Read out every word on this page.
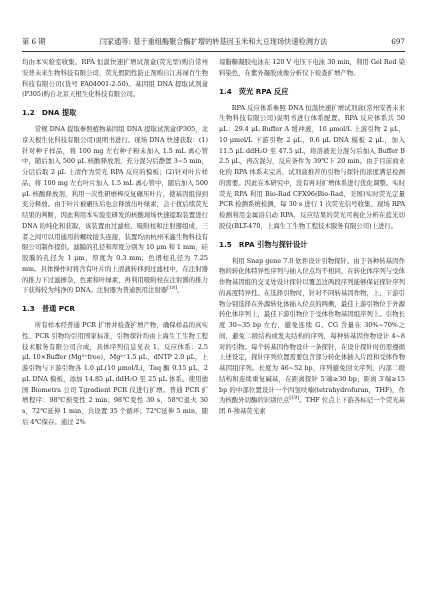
第 6 期	闫家通等: 基于重组酶聚合酶扩增的转基因玉米和大豆现场快速检测方法	697

均由本实验室收集。RPA 恒温快速扩增试剂盒(荧光型)购自常州安普未来生物科技有限公司，荧光假阴性防止剂购自江苏禄百生物科技有限公司(货号 FA04001-2-50)。基因组 DNA 提取试剂盒(P305)购自北京天根生化科技有限公司。

1.2　DNA 提取

常规 DNA 提取参照植物基因组 DNA 提取试剂盒(P305，北京天根生化科技有限公司)说明书进行。现场 DNA 快速获取：(1)针对种子样品，将 100 mg 左右种子粉末加入 1.5 mL 离心管中，随后加入 500 μL 核酸释放剂，充分混匀后静置 3~5 min，分层后取 2 μL 上清作为荧光 RPA 反应的模板；(2)针对叶片样品，将 100 mg 左右叶片加入 1.5 mL 离心管中，随后加入 500 μL 核酸释放剂，利用一次性研磨棒反复碾压叶片，使基因组得到充分释放。由于叶片被碾压后也会释放出叶绿素，会干扰后续荧光结果的判断，因此利用本实验室研发的核酸现场快速提取装置进行 DNA 的纯化和获取，该装置由过滤柱、吸附柱和注射器组成，三者之间可以用通用的螺纹接头连接，装置均由杭州禾鑫生物科技有限公司制作提供。滤膜的孔径和厚度分别为 10 μm 和 1 mm，硅胶膜的孔径为 1 μm、厚度为 0.3 mm；色谱柱孔径为 7.25 mm。具体操作时将含有叶片的上清液转移到过滤柱中，在注射器的推力下过滤掺杂，色素和叶绿素，再利用吸附柱在注射器的推力下获得较为纯净的 DNA。注射器为普通医用注射器[18]。

1.3　普通 PCR

所有样本经普通 PCR 扩增并检查扩增产物，确保样品的真实性。PCR 引物均引用国家标准，引物探针均由上海生工生物工程技术服务有限公司合成，具体序列信息见表 1。反应体系：2.5 μL 10×Buffer (Mg²⁺free)，Mg²⁺1.5 μL，dNTP 2.0 μL，上游引物与下游引物各 1.0 μL(10 μmol/L)，Taq 酶 0.15 μL，2 μL DNA 模板，添加 14.85 μL ddH₂O 至 25 μL 体系。使用德国 Biometra 公司 Tgradient PCR 仪进行扩增。普通 PCR 扩增程序：98℃预变性 2 min；98℃变性 30 s，58℃退火 30 s，72℃延伸 1 min，共设置 35 个循环；72℃延伸 5 min，随后 4℃保存。通过 2%

琼脂糖凝胶电泳在 120 V 电压下电泳 30 min，利用 Gel Red 染料染色，在紫外凝胶成像分析仪下检查扩增产物。

1.4　荧光 RPA 反应

RPA 反应体系参照 DNA 恒温快速扩增试剂盒(常州安普未来生物科技有限公司)说明书进行体系配置。RPA 反应体系共 50 μL：29.4 μL Buffer A 缓冲液，10 μmol/L 上游引物 2 μL，10 μmol/L 下游引物 2 μL，0.6 μL DNA 模板 2 μL，加入 11.5 μL ddH₂O 至 47.5 μL，将溶液充分混匀后加入 Buffer B 2.5 μL，再次混匀，反应条件为 39℃下 20 min。由于目前商业化的 RPA 体系未完善，试剂盒推荐的引物与探针的浓度满足检测的需要。因此在本研究中，没有再对扩增体系进行优化调整。实时荧光 RPA 利用 Bio-Rad CFX96(Bio-Rad，美国)实时荧光定量 PCR 检测系统检测，每 30 s 进行 1 次荧光信号收集。现场 RPA 检测利用金属浴启动 RPA，反应结果的荧光可视化分析在蓝光切胶仪(BLT-470，上海生工生物工程技术服务有限公司)上进行。

1.5　RPA 引物与探针设计

利用 Snap gene 7.0 软件设计引物探针。由于各种转基因作物的转化体特异性序列与插入位点均不相同，在转化体序列与受体作物基因组的交叉处设计探针以覆盖这两段序列能够保证探针序列的高度特异性。在选择引物时，针对不同转基因作物，上、下游引物分别选择在外源转化体插入位点的两侧，最佳上游引物位于外源转化体序列上，最佳下游引物位于受体作物基因组序列上。引物长度 30~35 bp 左右，避免连续 G、CG 含量在 30%~70%之间，避免二级结构或发夹结构的序列，每种转基因作物设计 4~8 对的引物。每个转基因作物设计一条探针，在设计探针时仍需遵循上述设定，探针序列位置需要包含部分转化体插入片段和受体作物基因组序列。长度为 46~52 bp，序列避免回文序列、内部二级结构和连续重复碱基，在距离探针 5′端≥30 bp、距离 3′端≥15 bp 的中部位置设计一个四氢呋喃(tetrahydrofuran，THF)，作为核酸外切酶的识别位点[19]。THF 位点上下游各标记一个荧光基团 6-羧基荧光素
